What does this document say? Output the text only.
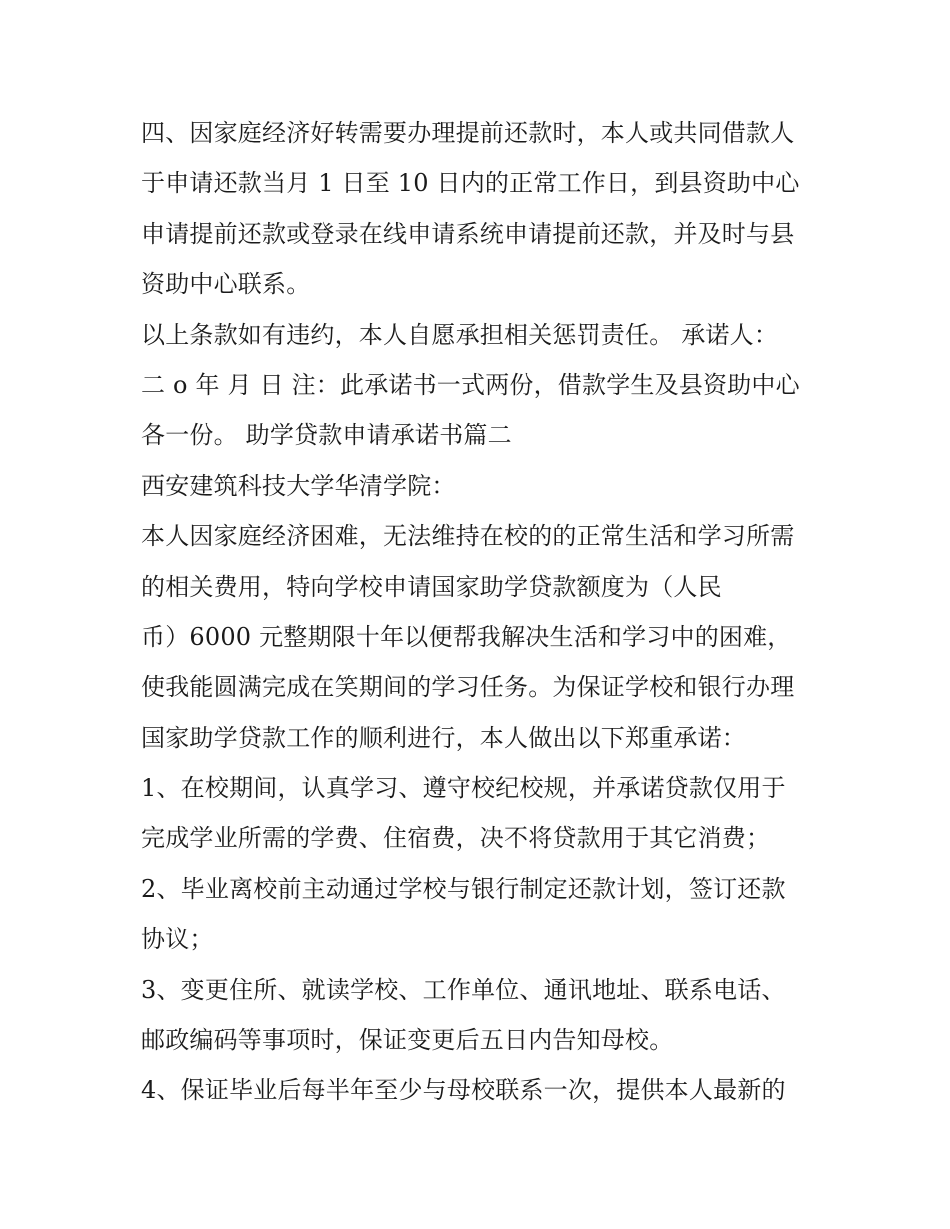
四、因家庭经济好转需要办理提前还款时，本人或共同借款人
于申请还款当月 1 日至 10 日内的正常工作日，到县资助中心
申请提前还款或登录在线申请系统申请提前还款，并及时与县
资助中心联系。
以上条款如有违约，本人自愿承担相关惩罚责任。 承诺人：
二 o 年 月 日 注：此承诺书一式两份，借款学生及县资助中心
各一份。 助学贷款申请承诺书篇二
西安建筑科技大学华清学院：
本人因家庭经济困难，无法维持在校的的正常生活和学习所需
的相关费用，特向学校申请国家助学贷款额度为（人民
币）6000 元整期限十年以便帮我解决生活和学习中的困难，
使我能圆满完成在笑期间的学习任务。为保证学校和银行办理
国家助学贷款工作的顺利进行，本人做出以下郑重承诺：
1、在校期间，认真学习、遵守校纪校规，并承诺贷款仅用于
完成学业所需的学费、住宿费，决不将贷款用于其它消费；
2、毕业离校前主动通过学校与银行制定还款计划，签订还款
协议；
3、变更住所、就读学校、工作单位、通讯地址、联系电话、
邮政编码等事项时，保证变更后五日内告知母校。
4、保证毕业后每半年至少与母校联系一次，提供本人最新的
